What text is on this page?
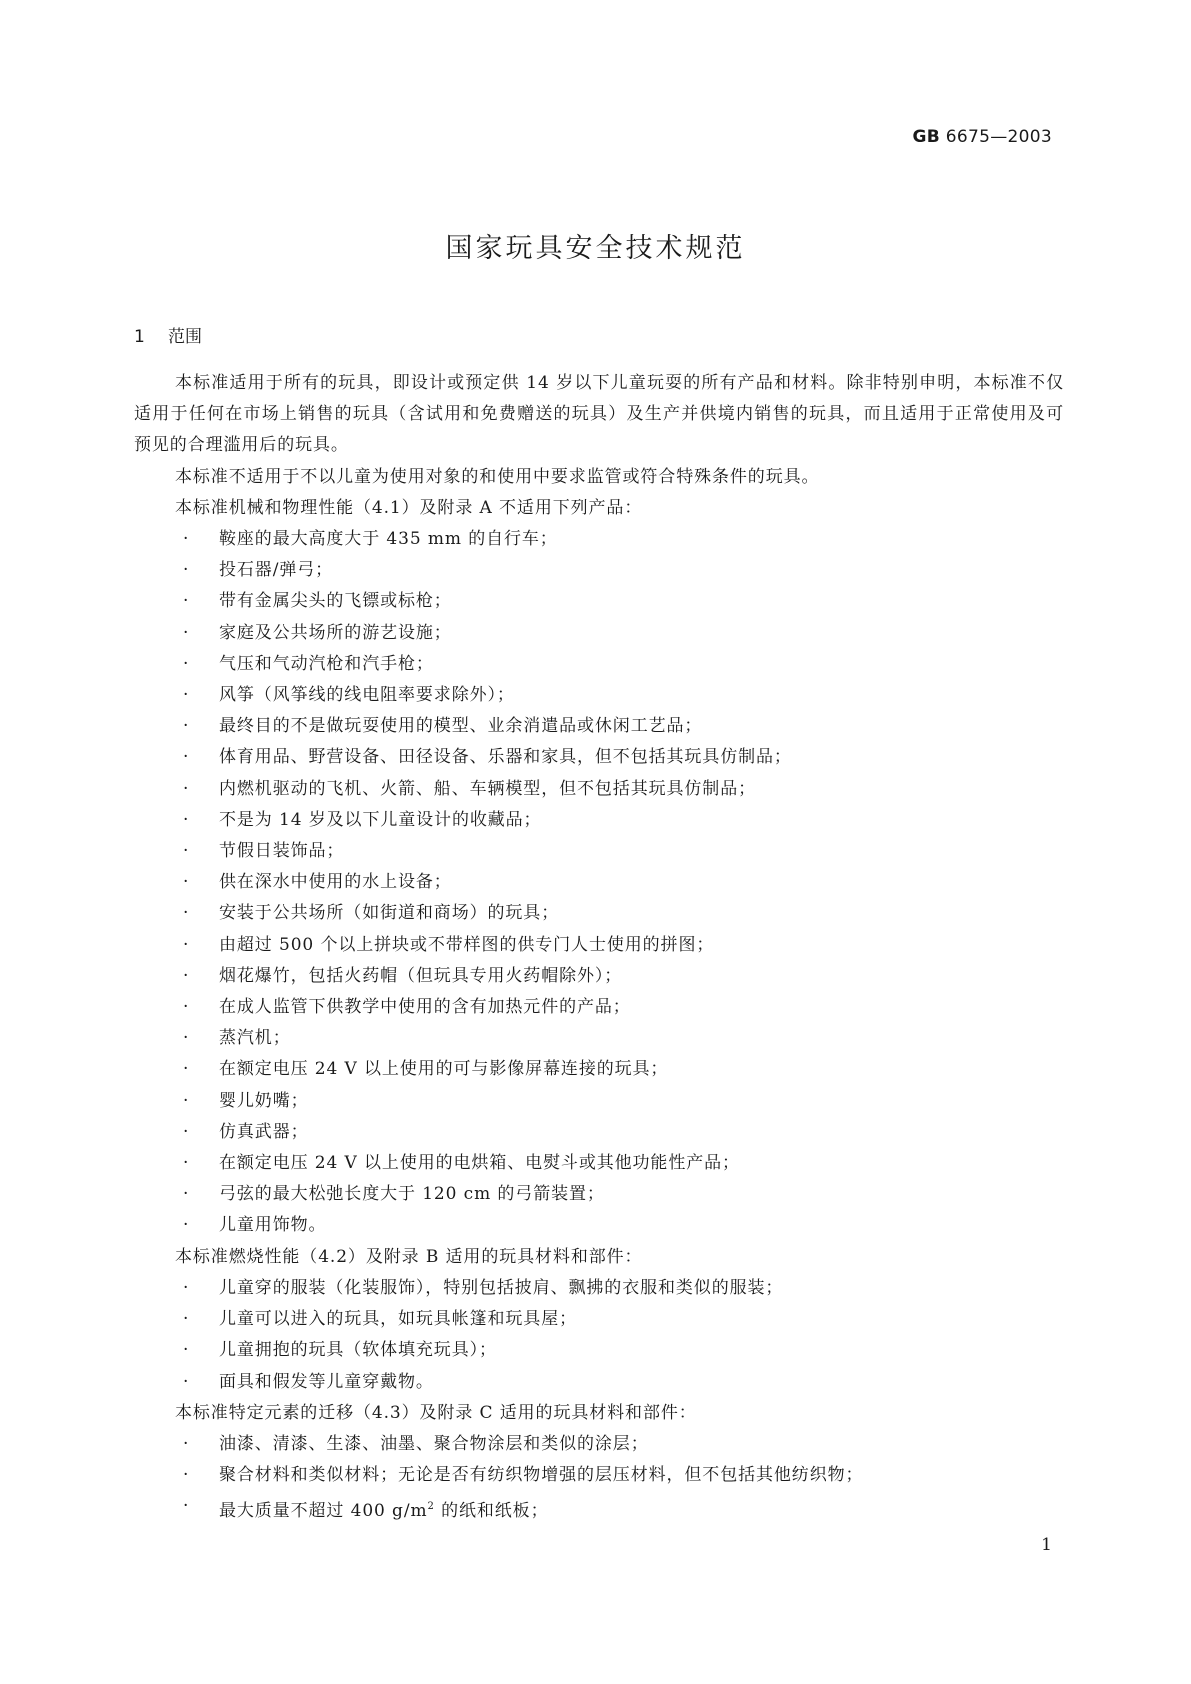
GB 6675—2003
国家玩具安全技术规范
1 范围

本标准适用于所有的玩具，即设计或预定供 14 岁以下儿童玩耍的所有产品和材料。除非特别申明，本标准不仅适用于任何在市场上销售的玩具（含试用和免费赠送的玩具）及生产并供境内销售的玩具，而且适用于正常使用及可预见的合理滥用后的玩具。

本标准不适用于不以儿童为使用对象的和使用中要求监管或符合特殊条件的玩具。

本标准机械和物理性能（4.1）及附录 A 不适用下列产品：

· 鞍座的最大高度大于 435 mm 的自行车；
· 投石器/弹弓；
· 带有金属尖头的飞镖或标枪；
· 家庭及公共场所的游艺设施；
· 气压和气动汽枪和汽手枪；
· 风筝（风筝线的线电阻率要求除外）；
· 最终目的不是做玩耍使用的模型、业余消遣品或休闲工艺品；
· 体育用品、野营设备、田径设备、乐器和家具，但不包括其玩具仿制品；
· 内燃机驱动的飞机、火箭、船、车辆模型，但不包括其玩具仿制品；
· 不是为 14 岁及以下儿童设计的收藏品；
· 节假日装饰品；
· 供在深水中使用的水上设备；
· 安装于公共场所（如街道和商场）的玩具；
· 由超过 500 个以上拼块或不带样图的供专门人士使用的拼图；
· 烟花爆竹，包括火药帽（但玩具专用火药帽除外）；
· 在成人监管下供教学中使用的含有加热元件的产品；
· 蒸汽机；
· 在额定电压 24 V 以上使用的可与影像屏幕连接的玩具；
· 婴儿奶嘴；
· 仿真武器；
· 在额定电压 24 V 以上使用的电烘箱、电熨斗或其他功能性产品；
· 弓弦的最大松弛长度大于 120 cm 的弓箭装置；
· 儿童用饰物。

本标准燃烧性能（4.2）及附录 B 适用的玩具材料和部件：

· 儿童穿的服装（化装服饰），特别包括披肩、飘拂的衣服和类似的服装；
· 儿童可以进入的玩具，如玩具帐篷和玩具屋；
· 儿童拥抱的玩具（软体填充玩具）；
· 面具和假发等儿童穿戴物。

本标准特定元素的迁移（4.3）及附录 C 适用的玩具材料和部件：

· 油漆、清漆、生漆、油墨、聚合物涂层和类似的涂层；
· 聚合材料和类似材料；无论是否有纺织物增强的层压材料，但不包括其他纺织物；
· 最大质量不超过 400 $g/m^2$ 的纸和纸板；
1
